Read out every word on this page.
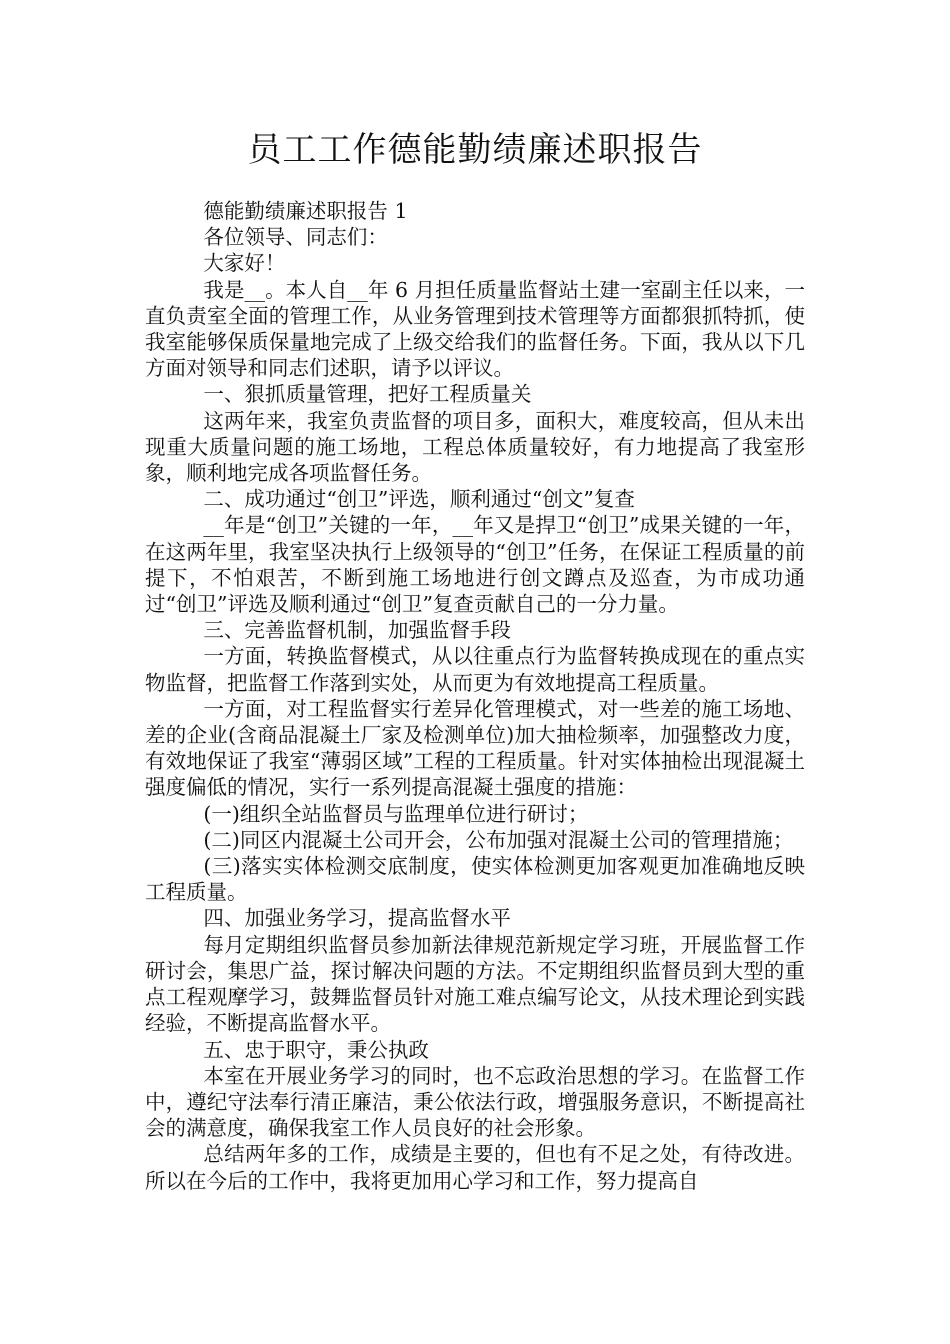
员工工作德能勤绩廉述职报告

德能勤绩廉述职报告 1

各位领导、同志们：

大家好！

我是__。本人自__年 6 月担任质量监督站土建一室副主任以来，一直负责室全面的管理工作，从业务管理到技术管理等方面都狠抓特抓，使我室能够保质保量地完成了上级交给我们的监督任务。下面，我从以下几方面对领导和同志们述职，请予以评议。

一、狠抓质量管理，把好工程质量关

这两年来，我室负责监督的项目多，面积大，难度较高，但从未出现重大质量问题的施工场地，工程总体质量较好，有力地提高了我室形象，顺利地完成各项监督任务。

二、成功通过“创卫”评选，顺利通过“创文”复查

__年是“创卫”关键的一年，__年又是捍卫“创卫”成果关键的一年，在这两年里，我室坚决执行上级领导的“创卫”任务，在保证工程质量的前提下，不怕艰苦，不断到施工场地进行创文蹲点及巡查，为市成功通过“创卫”评选及顺利通过“创卫”复查贡献自己的一分力量。

三、完善监督机制，加强监督手段

一方面，转换监督模式，从以往重点行为监督转换成现在的重点实物监督，把监督工作落到实处，从而更为有效地提高工程质量。

一方面，对工程监督实行差异化管理模式，对一些差的施工场地、差的企业(含商品混凝土厂家及检测单位)加大抽检频率，加强整改力度，有效地保证了我室“薄弱区域”工程的工程质量。针对实体抽检出现混凝土强度偏低的情况，实行一系列提高混凝土强度的措施：

(一)组织全站监督员与监理单位进行研讨；

(二)同区内混凝土公司开会，公布加强对混凝土公司的管理措施；

(三)落实实体检测交底制度，使实体检测更加客观更加准确地反映工程质量。

四、加强业务学习，提高监督水平

每月定期组织监督员参加新法律规范新规定学习班，开展监督工作研讨会，集思广益，探讨解决问题的方法。不定期组织监督员到大型的重点工程观摩学习，鼓舞监督员针对施工难点编写论文，从技术理论到实践经验，不断提高监督水平。

五、忠于职守，秉公执政

本室在开展业务学习的同时，也不忘政治思想的学习。在监督工作中，遵纪守法奉行清正廉洁，秉公依法行政，增强服务意识，不断提高社会的满意度，确保我室工作人员良好的社会形象。

总结两年多的工作，成绩是主要的，但也有不足之处，有待改进。所以在今后的工作中，我将更加用心学习和工作，努力提高自
